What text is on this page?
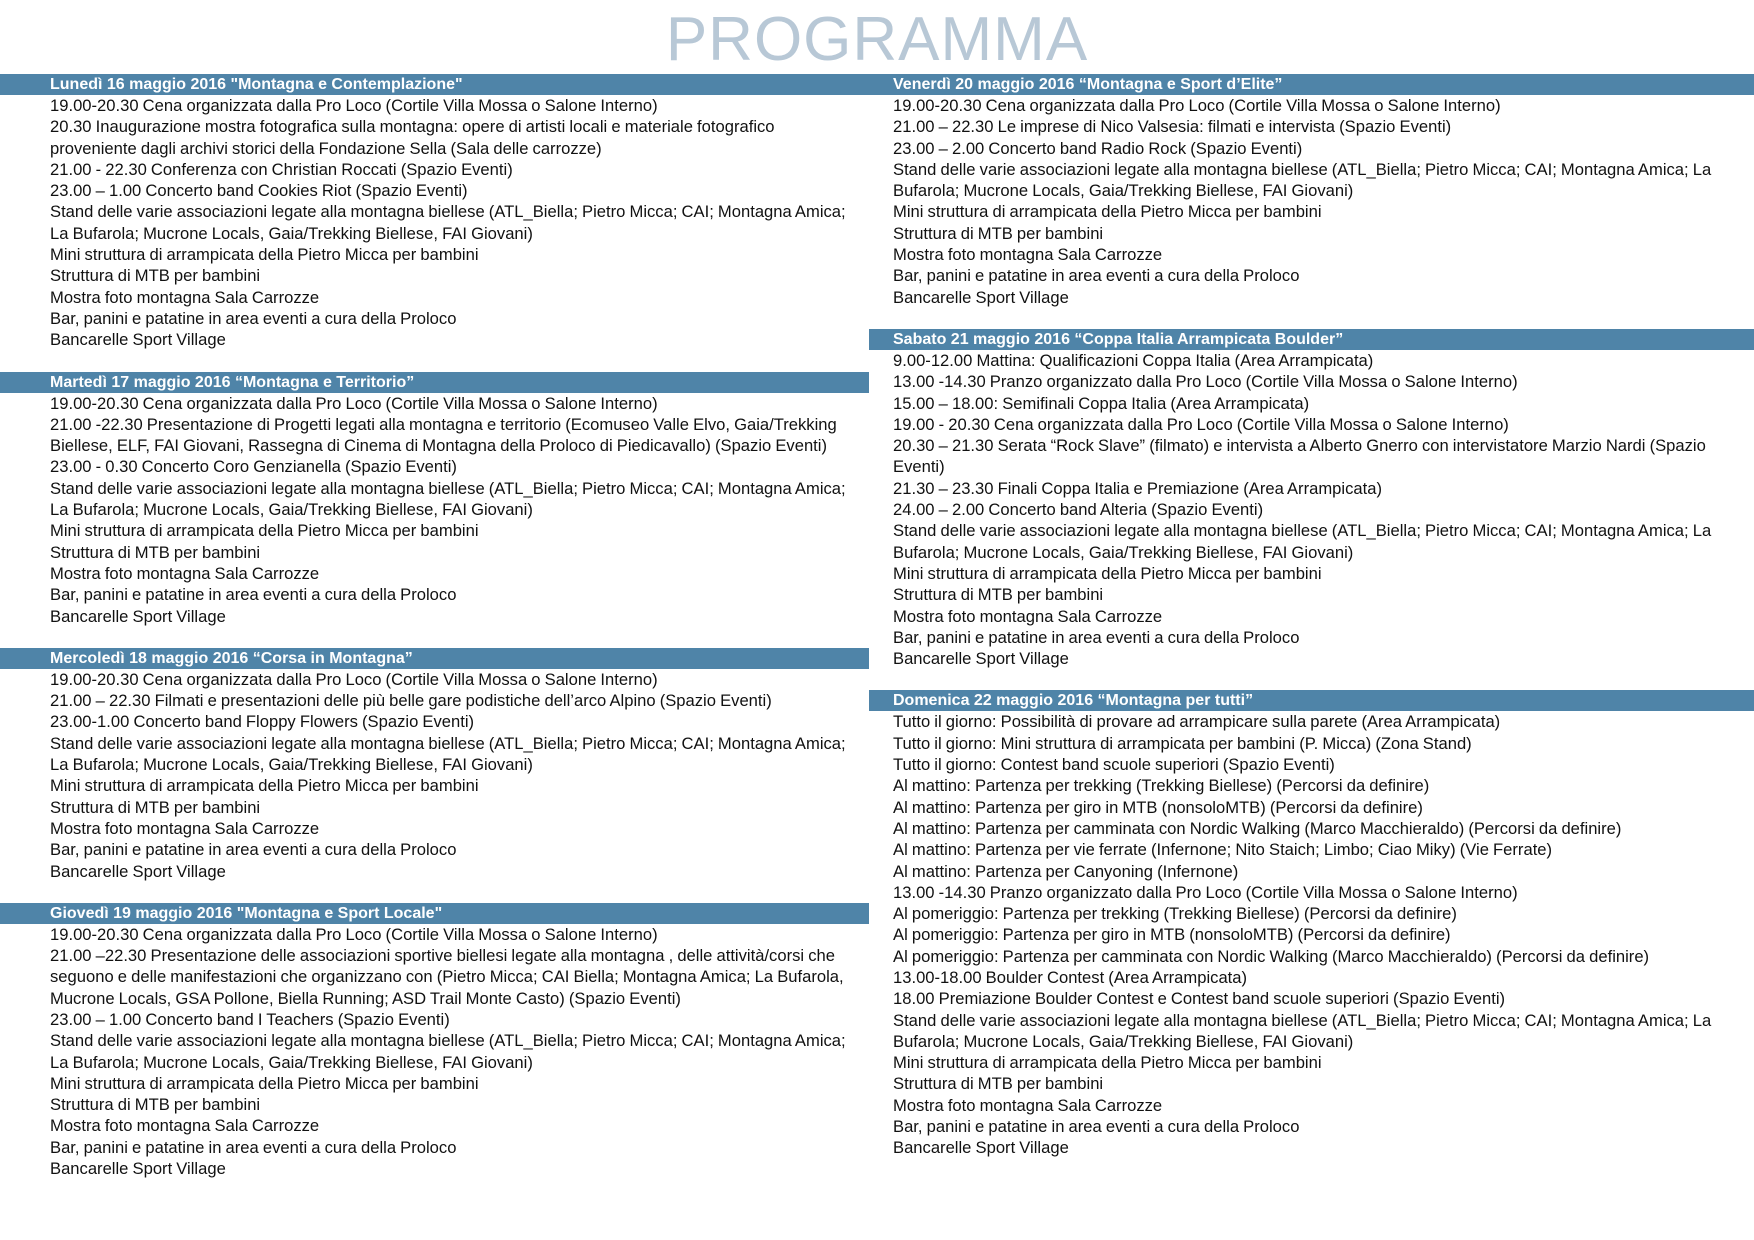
PROGRAMMA
Lunedì 16 maggio 2016 "Montagna e Contemplazione"
19.00-20.30 Cena organizzata dalla Pro Loco (Cortile Villa Mossa o Salone Interno)
20.30 Inaugurazione mostra fotografica sulla montagna: opere di artisti locali e materiale fotografico proveniente dagli archivi storici della Fondazione Sella (Sala delle carrozze)
21.00 - 22.30 Conferenza con Christian Roccati (Spazio Eventi)
23.00 – 1.00 Concerto band Cookies Riot (Spazio Eventi)
Stand delle varie associazioni legate alla montagna biellese (ATL_Biella; Pietro Micca; CAI; Montagna Amica; La Bufarola; Mucrone Locals, Gaia/Trekking Biellese, FAI Giovani)
Mini struttura di arrampicata della Pietro Micca per bambini
Struttura di MTB per bambini
Mostra foto montagna Sala Carrozze
Bar, panini e patatine in area eventi a cura della Proloco
Bancarelle Sport Village
Martedì 17 maggio 2016 “Montagna e Territorio”
19.00-20.30 Cena organizzata dalla Pro Loco (Cortile Villa Mossa o Salone Interno)
21.00 -22.30 Presentazione di Progetti legati alla montagna e territorio (Ecomuseo Valle Elvo, Gaia/Trekking Biellese, ELF, FAI Giovani, Rassegna di Cinema di Montagna della Proloco di Piedicavallo) (Spazio Eventi)
23.00 - 0.30 Concerto Coro Genzianella (Spazio Eventi)
Stand delle varie associazioni legate alla montagna biellese (ATL_Biella; Pietro Micca; CAI; Montagna Amica; La Bufarola; Mucrone Locals, Gaia/Trekking Biellese, FAI Giovani)
Mini struttura di arrampicata della Pietro Micca per bambini
Struttura di MTB per bambini
Mostra foto montagna Sala Carrozze
Bar, panini e patatine in area eventi a cura della Proloco
Bancarelle Sport Village
Mercoledì 18 maggio 2016 “Corsa in Montagna”
19.00-20.30 Cena organizzata dalla Pro Loco (Cortile Villa Mossa o Salone Interno)
21.00 – 22.30 Filmati e presentazioni delle più belle gare podistiche dell’arco Alpino (Spazio Eventi)
23.00-1.00 Concerto band Floppy Flowers (Spazio Eventi)
Stand delle varie associazioni legate alla montagna biellese (ATL_Biella; Pietro Micca; CAI; Montagna Amica; La Bufarola; Mucrone Locals, Gaia/Trekking Biellese, FAI Giovani)
Mini struttura di arrampicata della Pietro Micca per bambini
Struttura di MTB per bambini
Mostra foto montagna Sala Carrozze
Bar, panini e patatine in area eventi a cura della Proloco
Bancarelle Sport Village
Giovedì 19 maggio 2016 "Montagna e Sport Locale"
19.00-20.30 Cena organizzata dalla Pro Loco (Cortile Villa Mossa o Salone Interno)
21.00 –22.30 Presentazione delle associazioni sportive biellesi legate alla montagna , delle attività/corsi che seguono e delle manifestazioni che organizzano con (Pietro Micca; CAI Biella; Montagna Amica; La Bufarola, Mucrone Locals, GSA Pollone, Biella Running; ASD Trail Monte Casto) (Spazio Eventi)
23.00 – 1.00 Concerto band I Teachers (Spazio Eventi)
Stand delle varie associazioni legate alla montagna biellese (ATL_Biella; Pietro Micca; CAI; Montagna Amica; La Bufarola; Mucrone Locals, Gaia/Trekking Biellese, FAI Giovani)
Mini struttura di arrampicata della Pietro Micca per bambini
Struttura di MTB per bambini
Mostra foto montagna Sala Carrozze
Bar, panini e patatine in area eventi a cura della Proloco
Bancarelle Sport Village
Venerdì 20 maggio 2016 “Montagna e Sport d’Elite”
19.00-20.30 Cena organizzata dalla Pro Loco (Cortile Villa Mossa o Salone Interno)
21.00 – 22.30 Le imprese di Nico Valsesia: filmati e intervista (Spazio Eventi)
23.00 – 2.00 Concerto band Radio Rock (Spazio Eventi)
Stand delle varie associazioni legate alla montagna biellese (ATL_Biella; Pietro Micca; CAI; Montagna Amica; La Bufarola; Mucrone Locals, Gaia/Trekking Biellese, FAI Giovani)
Mini struttura di arrampicata della Pietro Micca per bambini
Struttura di MTB per bambini
Mostra foto montagna Sala Carrozze
Bar, panini e patatine in area eventi a cura della Proloco
Bancarelle Sport Village
Sabato 21 maggio 2016 “Coppa Italia Arrampicata Boulder”
9.00-12.00 Mattina: Qualificazioni Coppa Italia (Area Arrampicata)
13.00 -14.30 Pranzo organizzato dalla Pro Loco (Cortile Villa Mossa o Salone Interno)
15.00 – 18.00: Semifinali Coppa Italia (Area Arrampicata)
19.00 - 20.30 Cena organizzata dalla Pro Loco (Cortile Villa Mossa o Salone Interno)
20.30 – 21.30 Serata “Rock Slave” (filmato) e intervista a Alberto Gnerro con intervistatore Marzio Nardi (Spazio Eventi)
21.30 – 23.30 Finali Coppa Italia e Premiazione (Area Arrampicata)
24.00 – 2.00 Concerto band Alteria (Spazio Eventi)
Stand delle varie associazioni legate alla montagna biellese (ATL_Biella; Pietro Micca; CAI; Montagna Amica; La Bufarola; Mucrone Locals, Gaia/Trekking Biellese, FAI Giovani)
Mini struttura di arrampicata della Pietro Micca per bambini
Struttura di MTB per bambini
Mostra foto montagna Sala Carrozze
Bar, panini e patatine in area eventi a cura della Proloco
Bancarelle Sport Village
Domenica 22 maggio 2016 “Montagna per tutti”
Tutto il giorno: Possibilità di provare ad arrampicare sulla parete (Area Arrampicata)
Tutto il giorno: Mini struttura di arrampicata per bambini (P. Micca) (Zona Stand)
Tutto il giorno: Contest band scuole superiori (Spazio Eventi)
Al mattino: Partenza per trekking (Trekking Biellese) (Percorsi da definire)
Al mattino: Partenza per giro in MTB (nonsoloMTB) (Percorsi da definire)
Al mattino: Partenza per camminata con Nordic Walking (Marco Macchieraldo) (Percorsi da definire)
Al mattino: Partenza per vie ferrate (Infernone; Nito Staich; Limbo; Ciao Miky) (Vie Ferrate)
Al mattino: Partenza per Canyoning (Infernone)
13.00 -14.30 Pranzo organizzato dalla Pro Loco (Cortile Villa Mossa o Salone Interno)
Al pomeriggio: Partenza per trekking (Trekking Biellese) (Percorsi da definire)
Al pomeriggio: Partenza per giro in MTB (nonsoloMTB) (Percorsi da definire)
Al pomeriggio: Partenza per camminata con Nordic Walking (Marco Macchieraldo) (Percorsi da definire)
13.00-18.00 Boulder Contest (Area Arrampicata)
18.00 Premiazione Boulder Contest e Contest band scuole superiori (Spazio Eventi)
Stand delle varie associazioni legate alla montagna biellese (ATL_Biella; Pietro Micca; CAI; Montagna Amica; La Bufarola; Mucrone Locals, Gaia/Trekking Biellese, FAI Giovani)
Mini struttura di arrampicata della Pietro Micca per bambini
Struttura di MTB per bambini
Mostra foto montagna Sala Carrozze
Bar, panini e patatine in area eventi a cura della Proloco
Bancarelle Sport Village
